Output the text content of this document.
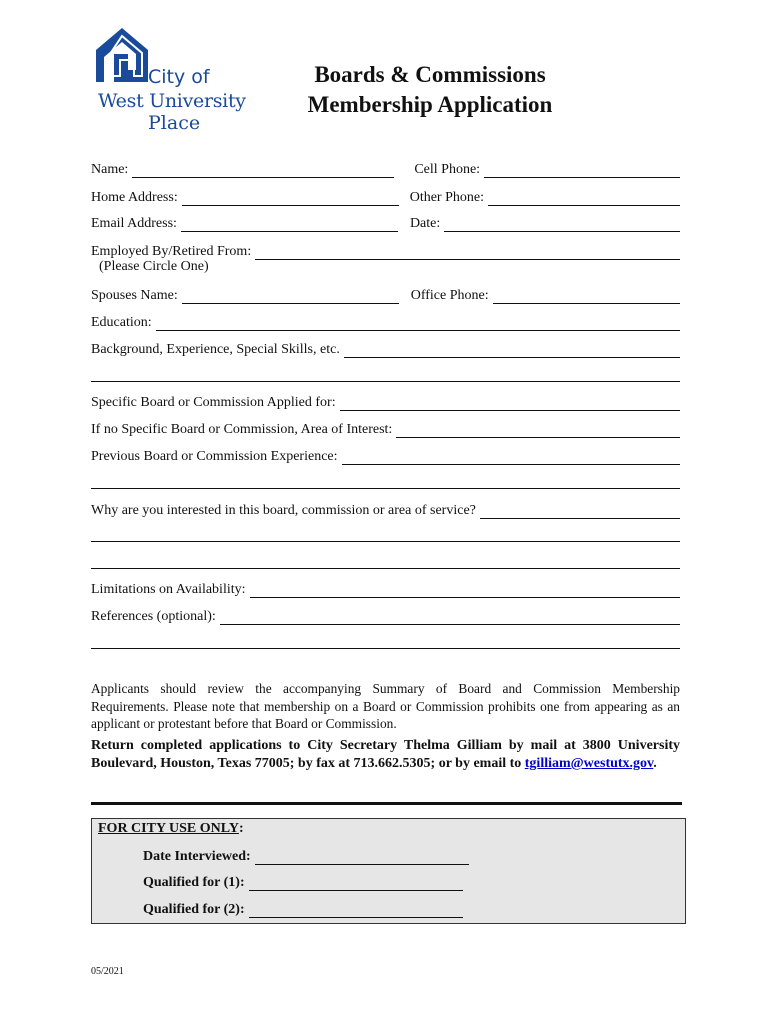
City of
West University
Place
Boards & Commissions
Membership Application
Name:	Cell Phone:
Home Address:	Other Phone:
Email Address:	Date:
Employed By/Retired From:
(Please Circle One)
Spouses Name:	Office Phone:
Education:
Background, Experience, Special Skills, etc.
Specific Board or Commission Applied for:
If no Specific Board or Commission, Area of Interest:
Previous Board or Commission Experience:
Why are you interested in this board, commission or area of service?
Limitations on Availability:
References (optional):
Applicants should review the accompanying Summary of Board and Commission Membership Requirements. Please note that membership on a Board or Commission prohibits one from appearing as an applicant or protestant before that Board or Commission.
Return completed applications to City Secretary Thelma Gilliam by mail at 3800 University Boulevard, Houston, Texas 77005; by fax at 713.662.5305; or by email to tgilliam@westutx.gov.
FOR CITY USE ONLY:
Date Interviewed:
Qualified for (1):
Qualified for (2):
05/2021
